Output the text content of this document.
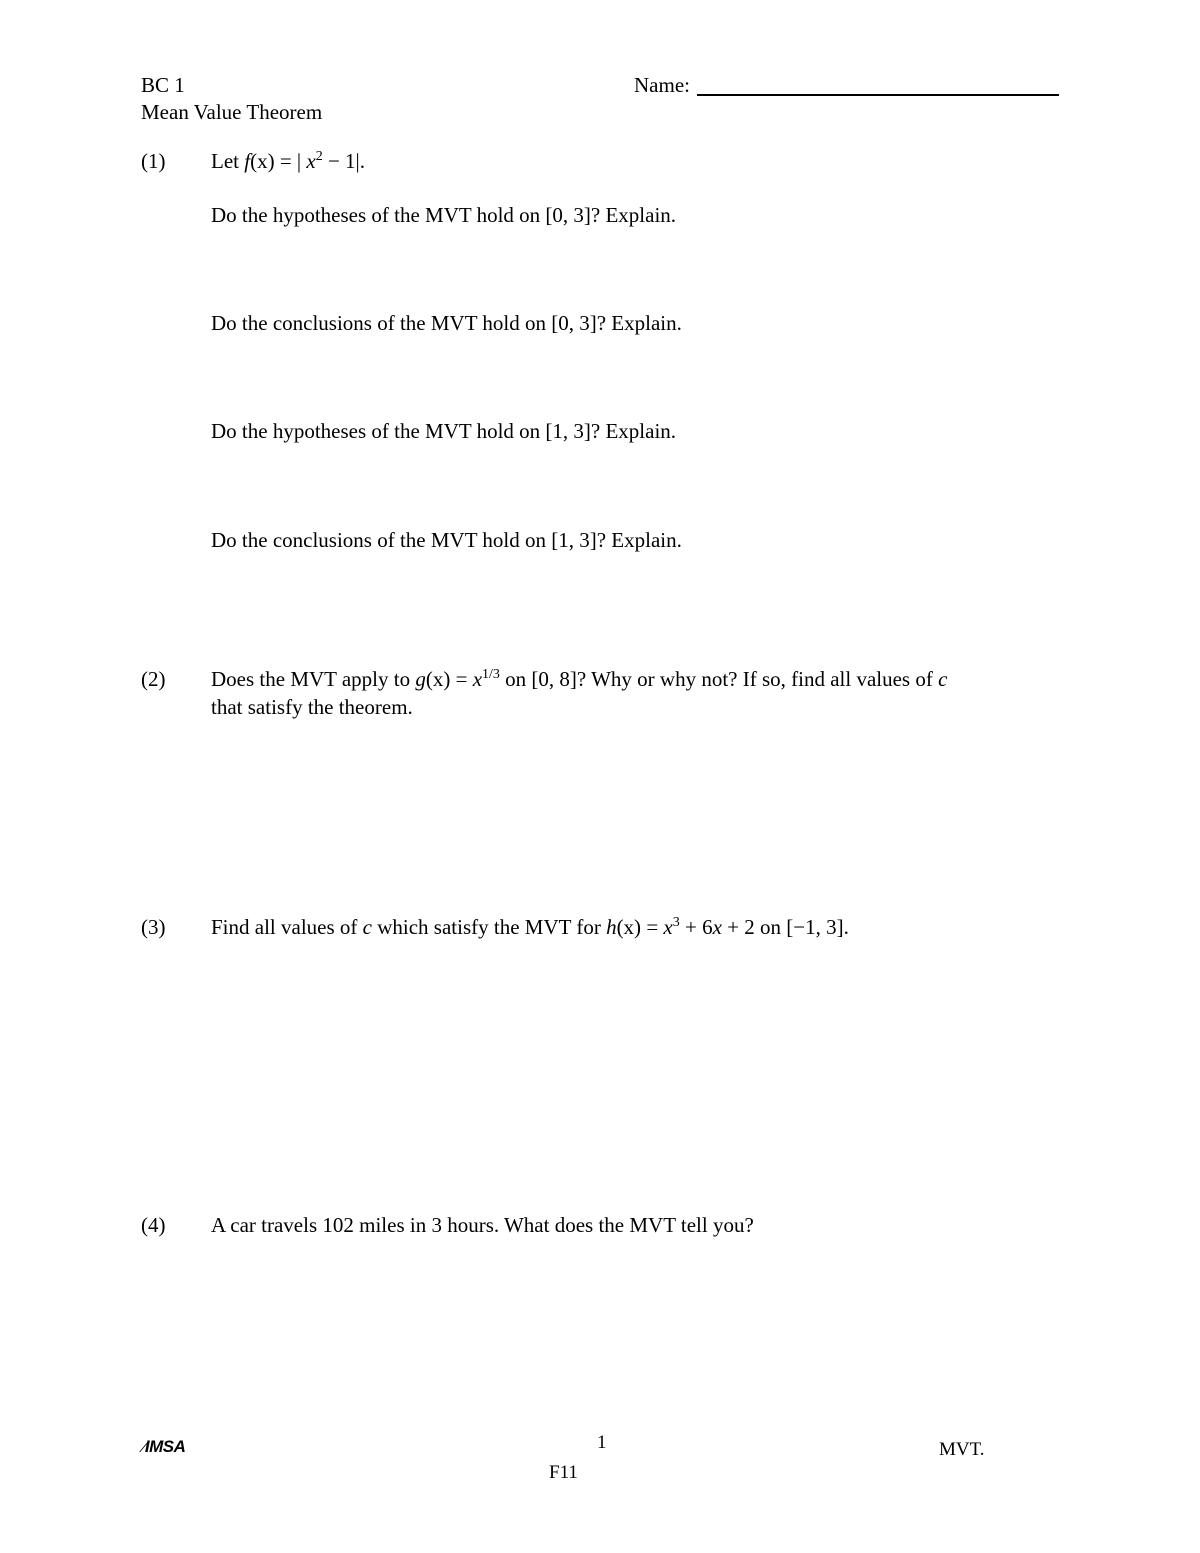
BC 1
Mean Value Theorem
Name:
(1) Let f(x) = | $x^2 - 1|$.
Do the hypotheses of the MVT hold on [0, 3]? Explain.
Do the conclusions of the MVT hold on [0, 3]? Explain.
Do the hypotheses of the MVT hold on [1, 3]? Explain.
Do the conclusions of the MVT hold on [1, 3]? Explain.
(2) Does the MVT apply to $g(x) = x^{1/3}$ on [0, 8]? Why or why not? If so, find all values of c
that satisfy the theorem.
(3) Find all values of c which satisfy the MVT for $h(x) = x^3 + 6x + 2$ on [−1, 3].
(4) A car travels 102 miles in 3 hours. What does the MVT tell you?
⁄IMSA	1
F11
MVT.
